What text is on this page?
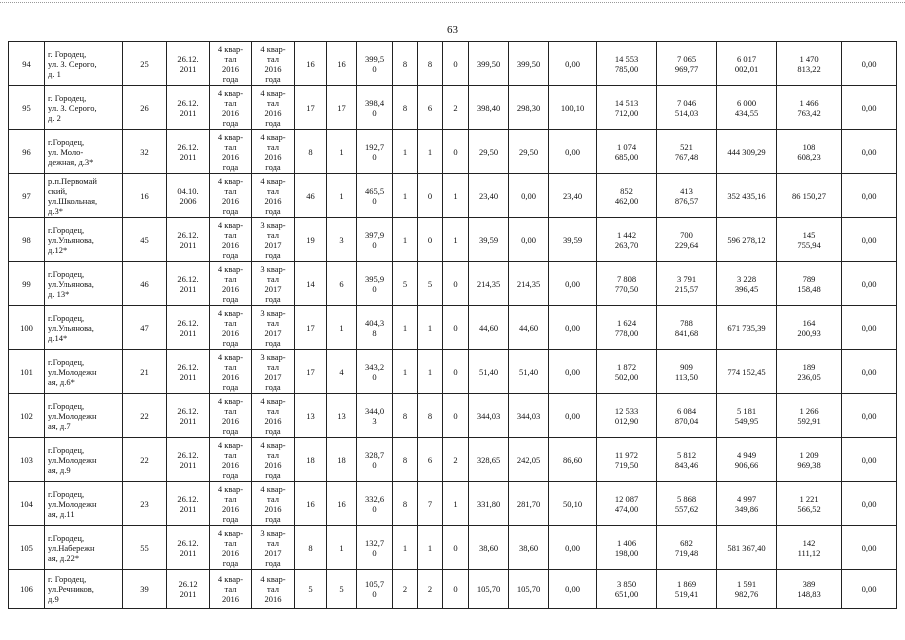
63
94	г. Городец,
ул. З. Серого,
д. 1	25	26.12.
2011	4 квар-
тал
2016
года	4 квар-
тал
2016
года	16	16	399,5
0	8	8	0	399,50	399,50	0,00	14 553
785,00	7 065
969,77	6 017
002,01	1 470
813,22	0,00
95	г. Городец,
ул. З. Серого,
д. 2	26	26.12.
2011	4 квар-
тал
2016
года	4 квар-
тал
2016
года	17	17	398,4
0	8	6	2	398,40	298,30	100,10	14 513
712,00	7 046
514,03	6 000
434,55	1 466
763,42	0,00
96	г.Городец,
ул. Моло-
дежная, д.3*	32	26.12.
2011	4 квар-
тал
2016
года	4 квар-
тал
2016
года	8	1	192,7
0	1	1	0	29,50	29,50	0,00	1 074
685,00	521
767,48	444 309,29	108
608,23	0,00
97	р.п.Первомай
ский,
ул.Школьная,
д.3*	16	04.10.
2006	4 квар-
тал
2016
года	4 квар-
тал
2016
года	46	1	465,5
0	1	0	1	23,40	0,00	23,40	852
462,00	413
876,57	352 435,16	86 150,27	0,00
98	г.Городец,
ул.Ульянова,
д.12*	45	26.12.
2011	4 квар-
тал
2016
года	3 квар-
тал
2017
года	19	3	397,9
0	1	0	1	39,59	0,00	39,59	1 442
263,70	700
229,64	596 278,12	145
755,94	0,00
99	г.Городец,
ул.Ульянова,
д. 13*	46	26.12.
2011	4 квар-
тал
2016
года	3 квар-
тал
2017
года	14	6	395,9
0	5	5	0	214,35	214,35	0,00	7 808
770,50	3 791
215,57	3 228
396,45	789
158,48	0,00
100	г.Городец,
ул.Ульянова,
д.14*	47	26.12.
2011	4 квар-
тал
2016
года	3 квар-
тал
2017
года	17	1	404,3
8	1	1	0	44,60	44,60	0,00	1 624
778,00	788
841,68	671 735,39	164
200,93	0,00
101	г.Городец,
ул.Молодежн
ая, д.6*	21	26.12.
2011	4 квар-
тал
2016
года	3 квар-
тал
2017
года	17	4	343,2
0	1	1	0	51,40	51,40	0,00	1 872
502,00	909
113,50	774 152,45	189
236,05	0,00
102	г.Городец,
ул.Молодежн
ая, д.7	22	26.12.
2011	4 квар-
тал
2016
года	4 квар-
тал
2016
года	13	13	344,0
3	8	8	0	344,03	344,03	0,00	12 533
012,90	6 084
870,04	5 181
549,95	1 266
592,91	0,00
103	г.Городец,
ул.Молодежн
ая, д.9	22	26.12.
2011	4 квар-
тал
2016
года	4 квар-
тал
2016
года	18	18	328,7
0	8	6	2	328,65	242,05	86,60	11 972
719,50	5 812
843,46	4 949
906,66	1 209
969,38	0,00
104	г.Городец,
ул.Молодежн
ая, д.11	23	26.12.
2011	4 квар-
тал
2016
года	4 квар-
тал
2016
года	16	16	332,6
0	8	7	1	331,80	281,70	50,10	12 087
474,00	5 868
557,62	4 997
349,86	1 221
566,52	0,00
105	г.Городец,
ул.Набережн
ая, д.22*	55	26.12.
2011	4 квар-
тал
2016
года	3 квар-
тал
2017
года	8	1	132,7
0	1	1	0	38,60	38,60	0,00	1 406
198,00	682
719,48	581 367,40	142
111,12	0,00
106	г. Городец,
ул.Речников,
д.9	39	26.12
2011	4 квар-
тал
2016	4 квар-
тал
2016	5	5	105,7
0	2	2	0	105,70	105,70	0,00	3 850
651,00	1 869
519,41	1 591
982,76	389
148,83	0,00
